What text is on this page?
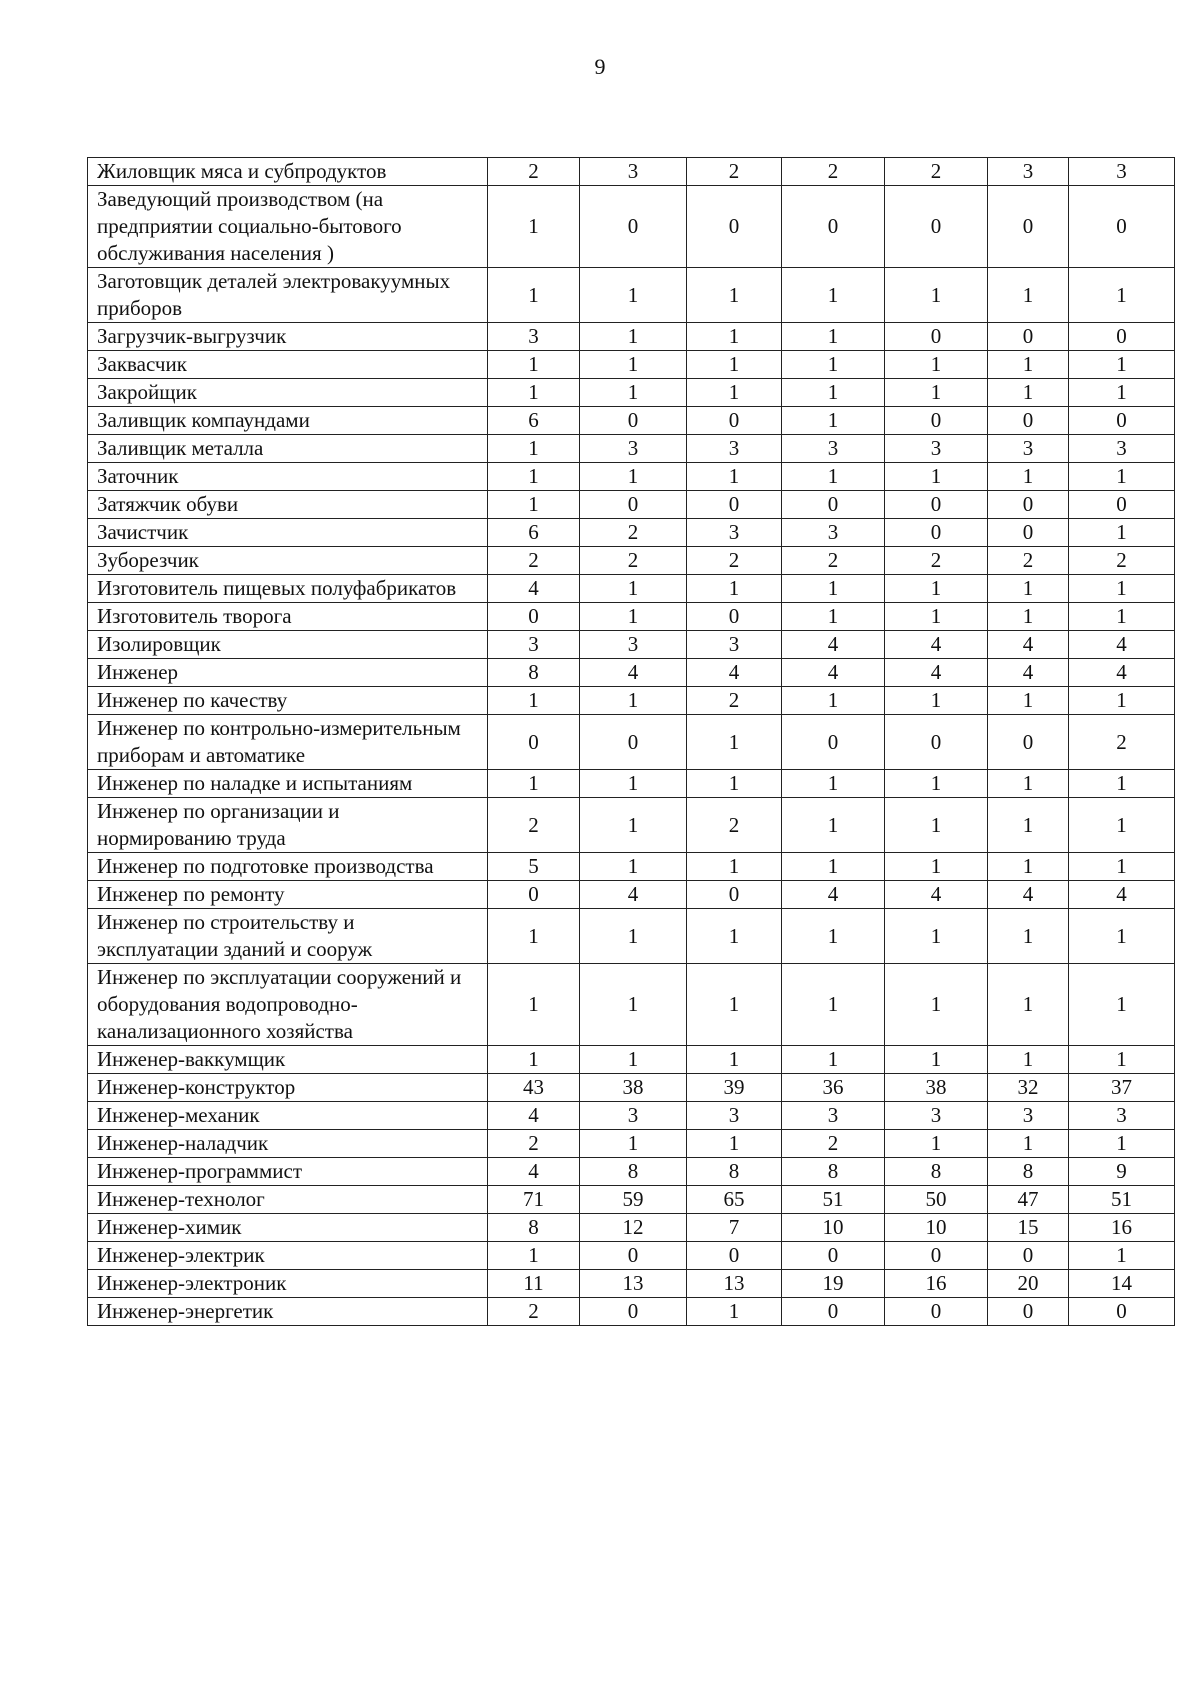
9
Жиловщик мяса и субпродуктов	2	3	2	2	2	3	3
Заведующий производством (на предприятии социально-бытового обслуживания населения )	1	0	0	0	0	0	0
Заготовщик деталей электровакуумных приборов	1	1	1	1	1	1	1
Загрузчик-выгрузчик	3	1	1	1	0	0	0
Заквасчик	1	1	1	1	1	1	1
Закройщик	1	1	1	1	1	1	1
Заливщик компаундами	6	0	0	1	0	0	0
Заливщик металла	1	3	3	3	3	3	3
Заточник	1	1	1	1	1	1	1
Затяжчик обуви	1	0	0	0	0	0	0
Зачистчик	6	2	3	3	0	0	1
Зуборезчик	2	2	2	2	2	2	2
Изготовитель пищевых полуфабрикатов	4	1	1	1	1	1	1
Изготовитель творога	0	1	0	1	1	1	1
Изолировщик	3	3	3	4	4	4	4
Инженер	8	4	4	4	4	4	4
Инженер по качеству	1	1	2	1	1	1	1
Инженер по контрольно-измерительным приборам и автоматике	0	0	1	0	0	0	2
Инженер по наладке и испытаниям	1	1	1	1	1	1	1
Инженер по организации и нормированию труда	2	1	2	1	1	1	1
Инженер по подготовке производства	5	1	1	1	1	1	1
Инженер по ремонту	0	4	0	4	4	4	4
Инженер по строительству и эксплуатации зданий и сооруж	1	1	1	1	1	1	1
Инженер по эксплуатации сооружений и оборудования водопроводно-канализационного хозяйства	1	1	1	1	1	1	1
Инженер-ваккумщик	1	1	1	1	1	1	1
Инженер-конструктор	43	38	39	36	38	32	37
Инженер-механик	4	3	3	3	3	3	3
Инженер-наладчик	2	1	1	2	1	1	1
Инженер-программист	4	8	8	8	8	8	9
Инженер-технолог	71	59	65	51	50	47	51
Инженер-химик	8	12	7	10	10	15	16
Инженер-электрик	1	0	0	0	0	0	1
Инженер-электроник	11	13	13	19	16	20	14
Инженер-энергетик	2	0	1	0	0	0	0
